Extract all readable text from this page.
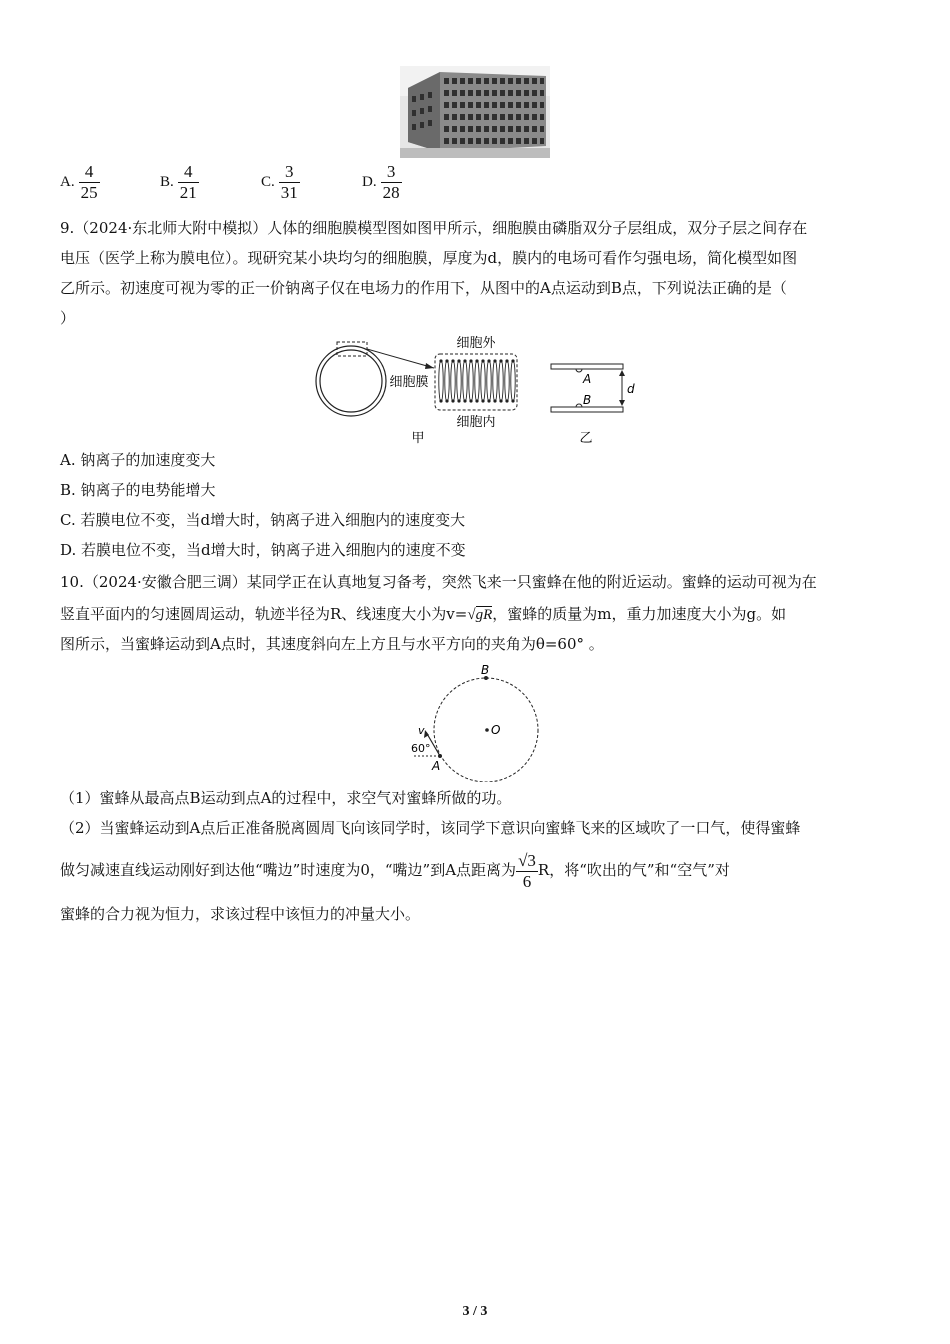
A. $\frac{4}{25}$	B. $\frac{4}{21}$	C. $\frac{3}{31}$	D. $\frac{3}{28}$
9.（2024·东北师大附中模拟）人体的细胞膜模型图如图甲所示，细胞膜由磷脂双分子层组成，双分子层之间存在
电压（医学上称为膜电位）。现研究某小块均匀的细胞膜，厚度为d，膜内的电场可看作匀强电场，简化模型如图
乙所示。初速度可视为零的正一价钠离子仅在电场力的作用下，从图中的A点运动到B点，下列说法正确的是（
）
细胞外
细胞膜
细胞内
甲
A
B
d
乙
A. 钠离子的加速度变大
B. 钠离子的电势能增大
C. 若膜电位不变，当d增大时，钠离子进入细胞内的速度变大
D. 若膜电位不变，当d增大时，钠离子进入细胞内的速度不变
10.（2024·安徽合肥三调）某同学正在认真地复习备考，突然飞来一只蜜蜂在他的附近运动。蜜蜂的运动可视为在
竖直平面内的匀速圆周运动，轨迹半径为R、线速度大小为v=√gR，蜜蜂的质量为m，重力加速度大小为g。如
图所示，当蜜蜂运动到A点时，其速度斜向左上方且与水平方向的夹角为θ=60° 。
B
O
A
v
60°
（1）蜜蜂从最高点B运动到点A的过程中，求空气对蜜蜂所做的功。
（2）当蜜蜂运动到A点后正准备脱离圆周飞向该同学时，该同学下意识向蜜蜂飞来的区域吹了一口气，使得蜜蜂
做匀减速直线运动刚好到达他“嘴边”时速度为0，“嘴边”到A点距离为 $\frac{√3}{6}$ R，将“吹出的气”和“空气”对
蜜蜂的合力视为恒力，求该过程中该恒力的冲量大小。
3 / 3
